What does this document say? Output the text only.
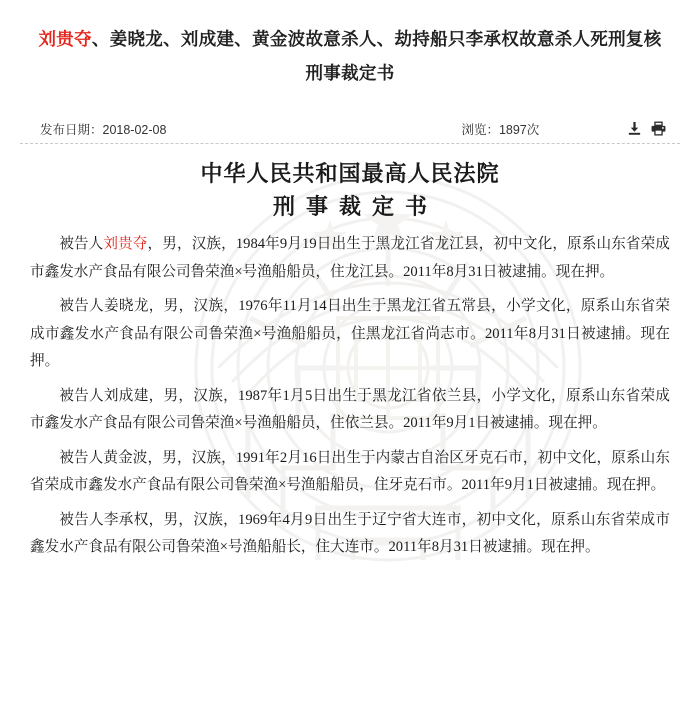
刘贵夺、姜晓龙、刘成建、黄金波故意杀人、劫持船只李承权故意杀人死刑复核刑事裁定书
发布日期：2018-02-08	浏览：1897次
中华人民共和国最高人民法院
刑事裁定书

被告人刘贵夺，男，汉族，1984年9月19日出生于黑龙江省龙江县，初中文化，原系山东省荣成市鑫发水产食品有限公司鲁荣渔×号渔船船员，住龙江县。2011年8月31日被逮捕。现在押。

被告人姜晓龙，男，汉族，1976年11月14日出生于黑龙江省五常县，小学文化，原系山东省荣成市鑫发水产食品有限公司鲁荣渔×号渔船船员，住黑龙江省尚志市。2011年8月31日被逮捕。现在押。

被告人刘成建，男，汉族，1987年1月5日出生于黑龙江省依兰县，小学文化，原系山东省荣成市鑫发水产食品有限公司鲁荣渔×号渔船船员，住依兰县。2011年9月1日被逮捕。现在押。

被告人黄金波，男，汉族，1991年2月16日出生于内蒙古自治区牙克石市，初中文化，原系山东省荣成市鑫发水产食品有限公司鲁荣渔×号渔船船员，住牙克石市。2011年9月1日被逮捕。现在押。

被告人李承权，男，汉族，1969年4月9日出生于辽宁省大连市，初中文化，原系山东省荣成市鑫发水产食品有限公司鲁荣渔×号渔船船长，住大连市。2011年8月31日被逮捕。现在押。
